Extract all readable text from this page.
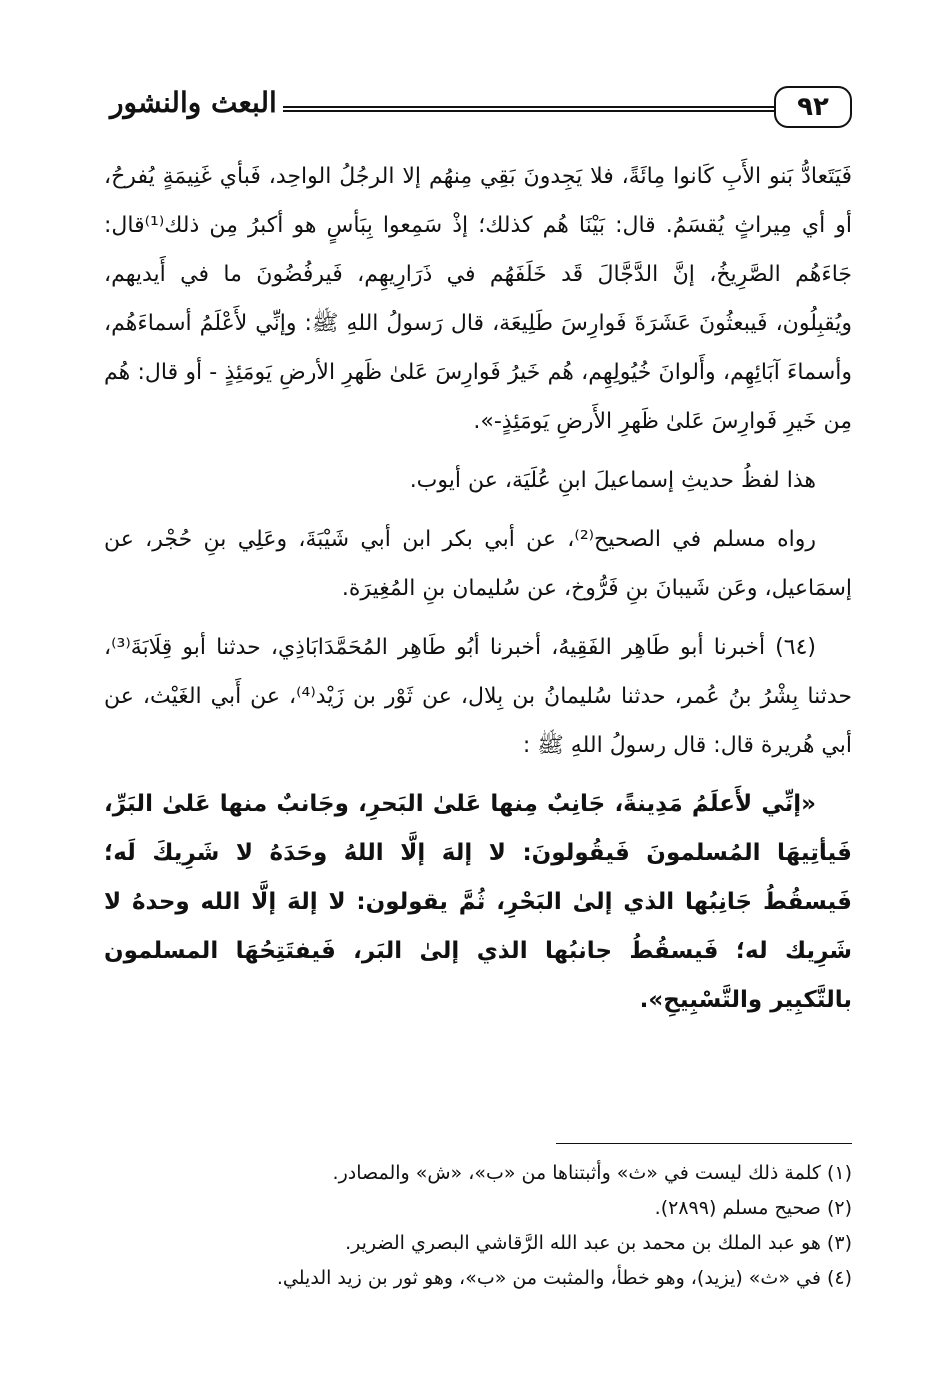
٩٢
البعث والنشور

فَيَتَعادُّ بَنو الأَبِ كَانوا مِائَةً، فلا يَجِدونَ بَقِي مِنهُم إلا الرجُلُ الواحِد، فَبأي غَنِيمَةٍ يُفرحُ، أو أي مِيراثٍ يُقسَمُ. قال: بَيْنَا هُم كذلك؛ إذْ سَمِعوا بِبَأسٍ هو أكبرُ مِن ذلك⁽¹⁾قال: جَاءَهُم الصَّرِيخُ، إنَّ الدَّجَّالَ قَد خَلَفَهُم في ذَرَارِيهِم، فَيرفُضُونَ ما في أَيديهم، ويُقبِلُون، فَيبعثُونَ عَشَرَةَ فَوارِسَ طَلِيعَة، قال رَسولُ اللهِ ﷺ: وإنِّي لأَعْلَمُ أسماءَهُم، وأسماءَ آبَائِهِم، وأَلوانَ خُيُولِهِم، هُم خَيرُ فَوارِسَ عَلىٰ ظَهرِ الأرضِ يَومَئِذٍ - أو قال: هُم مِن خَيرِ فَوارِسَ عَلىٰ ظَهرِ الأَرضِ يَومَئِذٍ-».

هذا لفظُ حديثِ إسماعيلَ ابنِ عُلَيَة، عن أيوب.

رواه مسلم في الصحيح⁽²⁾، عن أبي بكر ابن أبي شَيْبَةَ، وعَلِي بنِ حُجْر، عن إسمَاعيل، وعَن شَيبانَ بنِ فَرُّوخ، عن سُليمان بنِ المُغِيرَة.

(٦٤) أخبرنا أبو طَاهِر الفَقِيهُ، أخبرنا أبُو طَاهِر المُحَمَّدَابَاذِي، حدثنا أبو قِلَابَةَ⁽³⁾، حدثنا بِشْرُ بنُ عُمر، حدثنا سُليمانُ بن بِلال، عن ثَوْر بن زَيْد⁽⁴⁾، عن أَبي الغَيْث، عن أبي هُريرة قال: قال رسولُ اللهِ ﷺ :

«إنِّي لأَعلَمُ مَدِينةً، جَانِبٌ مِنها عَلىٰ البَحرِ، وجَانبٌ منها عَلىٰ البَرِّ، فَيأتِيهَا المُسلمونَ فَيقُولونَ: لا إلهَ إلَّا اللهُ وحَدَهُ لا شَرِيكَ لَه؛ فَيسقُطُ جَانِبُها الذي إلىٰ البَحْرِ، ثُمَّ يقولون: لا إلهَ إلَّا الله وحدهُ لا شَرِيك له؛ فَيسقُطُ جانبُها الذي إلىٰ البَر، فَيفتَتِحُهَا المسلمون بالتَّكبِير والتَّسْبِيحِ».

(١) كلمة ذلك ليست في «ث» وأثبتناها من «ب»، «ش» والمصادر.

(٢) صحيح مسلم (٢٨٩٩).

(٣) هو عبد الملك بن محمد بن عبد الله الرَّقاشي البصري الضرير.

(٤) في «ث» (يزيد)، وهو خطأ، والمثبت من «ب»، وهو ثور بن زيد الديلي.
